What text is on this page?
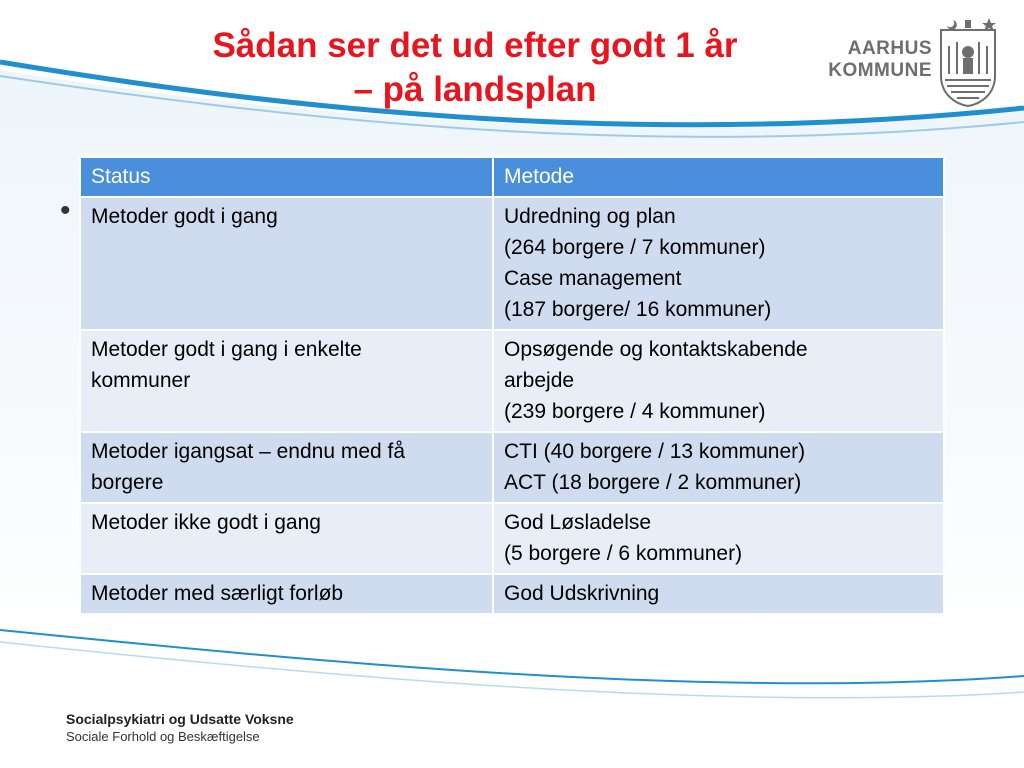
Sådan ser det ud efter godt 1 år
– på landsplan
AARHUS
KOMMUNE
•
Status	Metode

Metoder godt i gang	Udredning og plan
(264 borgere / 7 kommuner)
Case management
(187 borgere/ 16 kommuner)

Metoder godt i gang i enkelte
kommuner	Opsøgende og kontaktskabende
arbejde
(239 borgere / 4 kommuner)

Metoder igangsat – endnu med få
borgere	CTI (40 borgere / 13 kommuner)
ACT (18 borgere / 2 kommuner)

Metoder ikke godt i gang	God Løsladelse
(5 borgere / 6 kommuner)

Metoder med særligt forløb	God Udskrivning
Socialpsykiatri og Udsatte Voksne
Sociale Forhold og Beskæftigelse
